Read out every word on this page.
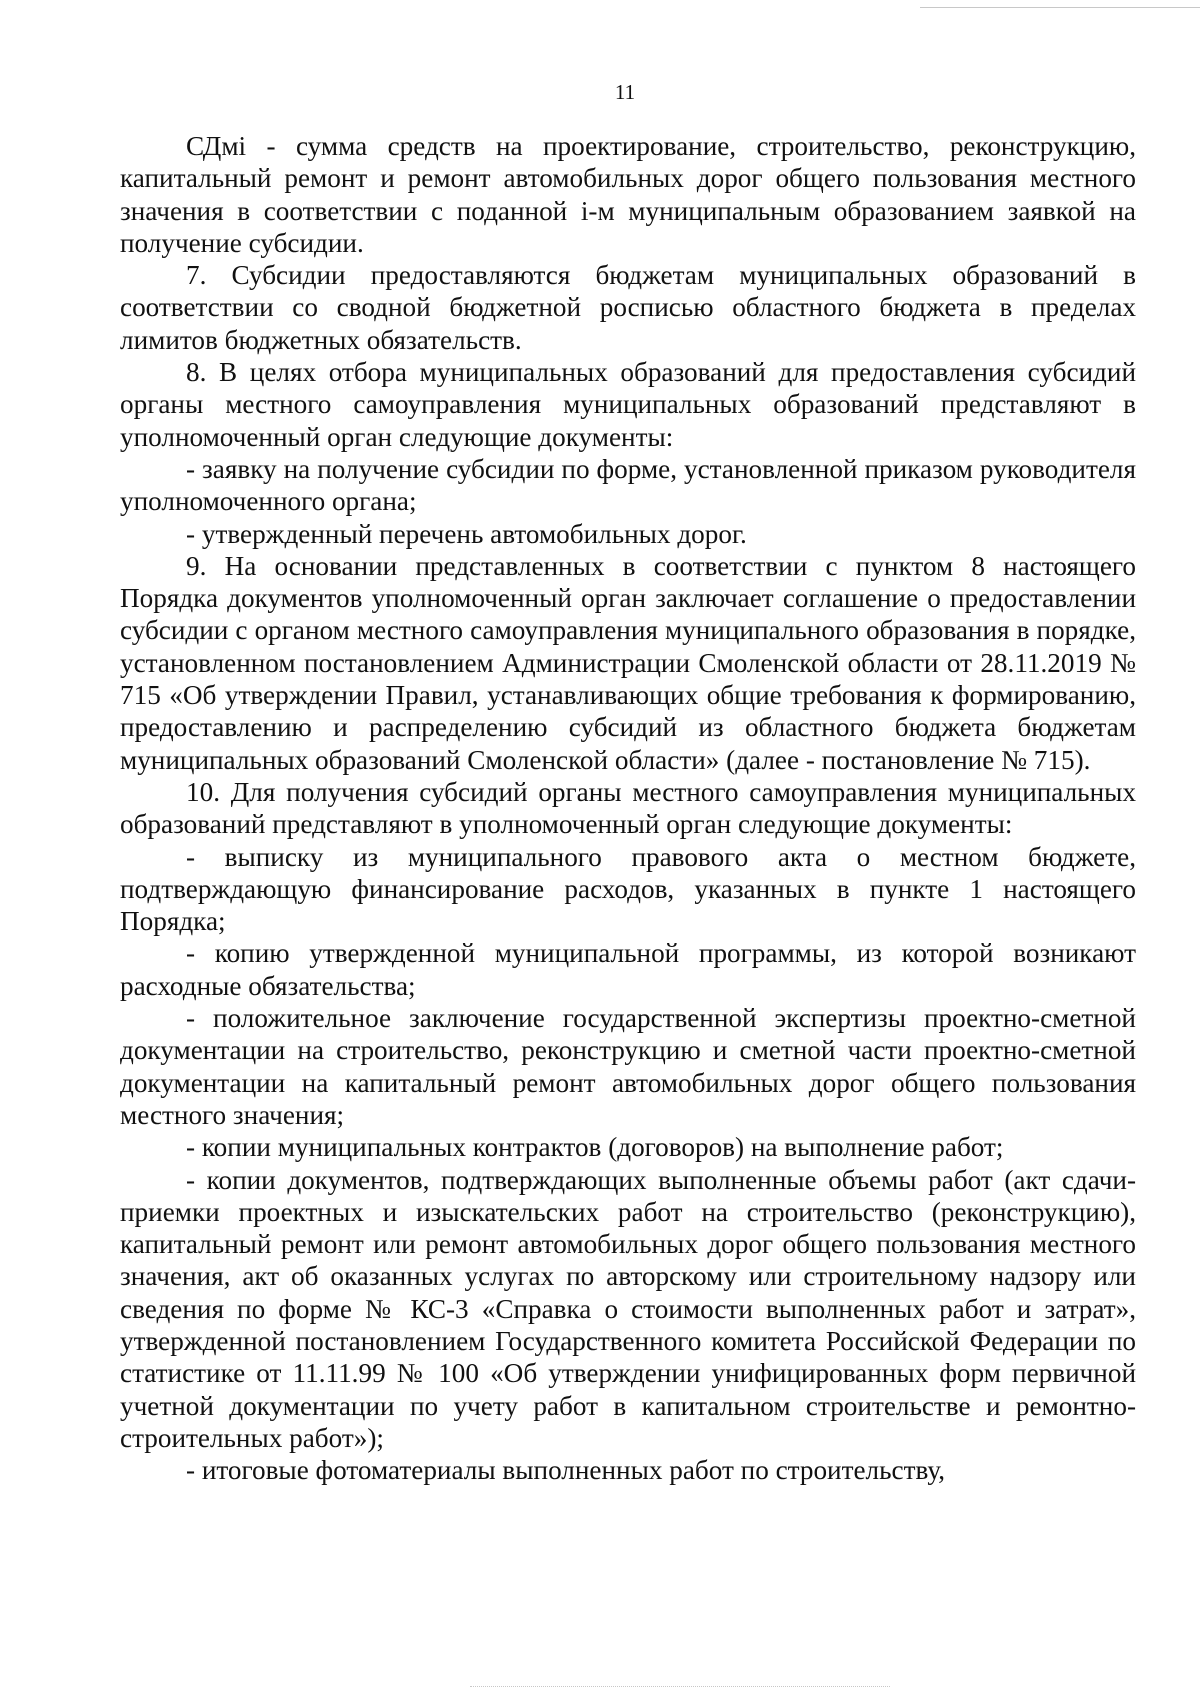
11

СДмi - сумма средств на проектирование, строительство, реконструкцию, капитальный ремонт и ремонт автомобильных дорог общего пользования местного значения в соответствии с поданной i-м муниципальным образованием заявкой на получение субсидии.

7. Субсидии предоставляются бюджетам муниципальных образований в соответствии со сводной бюджетной росписью областного бюджета в пределах лимитов бюджетных обязательств.

8. В целях отбора муниципальных образований для предоставления субсидий органы местного самоуправления муниципальных образований представляют в уполномоченный орган следующие документы:

- заявку на получение субсидии по форме, установленной приказом руководителя уполномоченного органа;

- утвержденный перечень автомобильных дорог.

9. На основании представленных в соответствии с пунктом 8 настоящего Порядка документов уполномоченный орган заключает соглашение о предоставлении субсидии с органом местного самоуправления муниципального образования в порядке, установленном постановлением Администрации Смоленской области от 28.11.2019 № 715 «Об утверждении Правил, устанавливающих общие требования к формированию, предоставлению и распределению субсидий из областного бюджета бюджетам муниципальных образований Смоленской области» (далее - постановление № 715).

10. Для получения субсидий органы местного самоуправления муниципальных образований представляют в уполномоченный орган следующие документы:

- выписку из муниципального правового акта о местном бюджете, подтверждающую финансирование расходов, указанных в пункте 1 настоящего Порядка;

- копию утвержденной муниципальной программы, из которой возникают расходные обязательства;

- положительное заключение государственной экспертизы проектно-сметной документации на строительство, реконструкцию и сметной части проектно-сметной документации на капитальный ремонт автомобильных дорог общего пользования местного значения;

- копии муниципальных контрактов (договоров) на выполнение работ;

- копии документов, подтверждающих выполненные объемы работ (акт сдачи-приемки проектных и изыскательских работ на строительство (реконструкцию), капитальный ремонт или ремонт автомобильных дорог общего пользования местного значения, акт об оказанных услугах по авторскому или строительному надзору или сведения по форме № КС-3 «Справка о стоимости выполненных работ и затрат», утвержденной постановлением Государственного комитета Российской Федерации по статистике от 11.11.99 № 100 «Об утверждении унифицированных форм первичной учетной документации по учету работ в капитальном строительстве и ремонтно-строительных работ»);

- итоговые фотоматериалы выполненных работ по строительству,
